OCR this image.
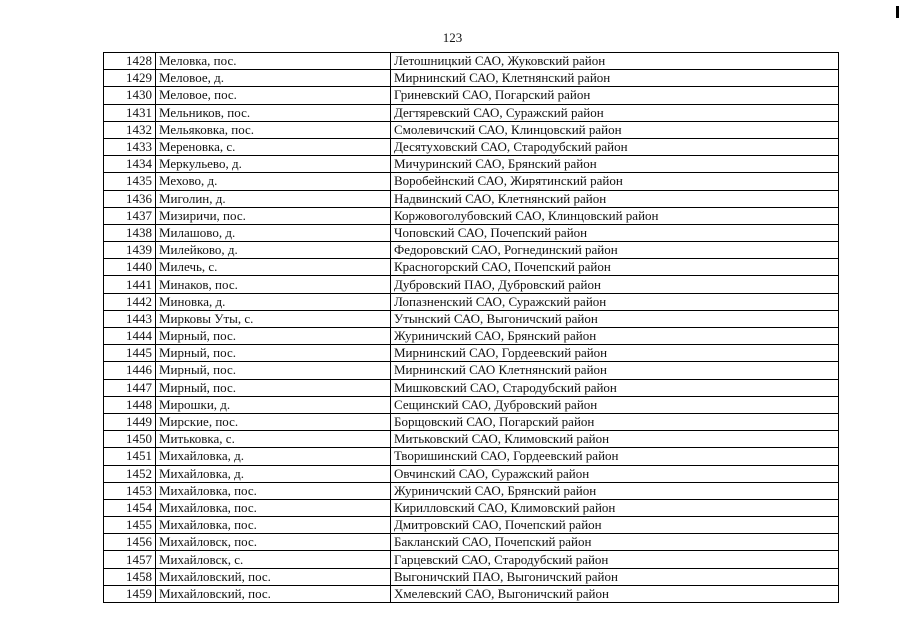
123
1428	Меловка, пос.	Летошницкий САО, Жуковский район
1429	Меловое, д.	Мирнинский САО, Клетнянский район
1430	Меловое, пос.	Гриневский САО, Погарский район
1431	Мельников, пос.	Дегтяревский САО, Суражский район
1432	Мельяковка, пос.	Смолевичский САО, Клинцовский район
1433	Мереновка, с.	Десятуховский САО, Стародубский район
1434	Меркульево, д.	Мичуринский САО, Брянский район
1435	Мехово, д.	Воробейнский САО, Жирятинский район
1436	Миголин, д.	Надвинский САО, Клетнянский район
1437	Мизиричи, пос.	Коржовоголубовский САО, Клинцовский район
1438	Милашово, д.	Чоповский САО, Почепский район
1439	Милейково, д.	Федоровский САО, Рогнединский район
1440	Милечь, с.	Красногорский САО, Почепский район
1441	Минаков, пос.	Дубровский ПАО, Дубровский район
1442	Миновка, д.	Лопазненский САО, Суражский район
1443	Мирковы Уты, с.	Утынский САО, Выгоничский район
1444	Мирный, пос.	Журиничский САО, Брянский район
1445	Мирный, пос.	Мирнинский САО, Гордеевский район
1446	Мирный, пос.	Мирнинский САО Клетнянский район
1447	Мирный, пос.	Мишковский САО, Стародубский район
1448	Мирошки, д.	Сещинский САО, Дубровский район
1449	Мирские, пос.	Борщовский САО, Погарский район
1450	Митьковка, с.	Митьковский САО, Климовский район
1451	Михайловка, д.	Творишинский САО, Гордеевский район
1452	Михайловка, д.	Овчинский САО, Суражский район
1453	Михайловка, пос.	Журиничский САО, Брянский район
1454	Михайловка, пос.	Кирилловский САО, Климовский район
1455	Михайловка, пос.	Дмитровский САО, Почепский район
1456	Михайловск, пос.	Бакланский САО, Почепский район
1457	Михайловск, с.	Гарцевский САО, Стародубский район
1458	Михайловский, пос.	Выгоничский ПАО, Выгоничский район
1459	Михайловский, пос.	Хмелевский САО, Выгоничский район
